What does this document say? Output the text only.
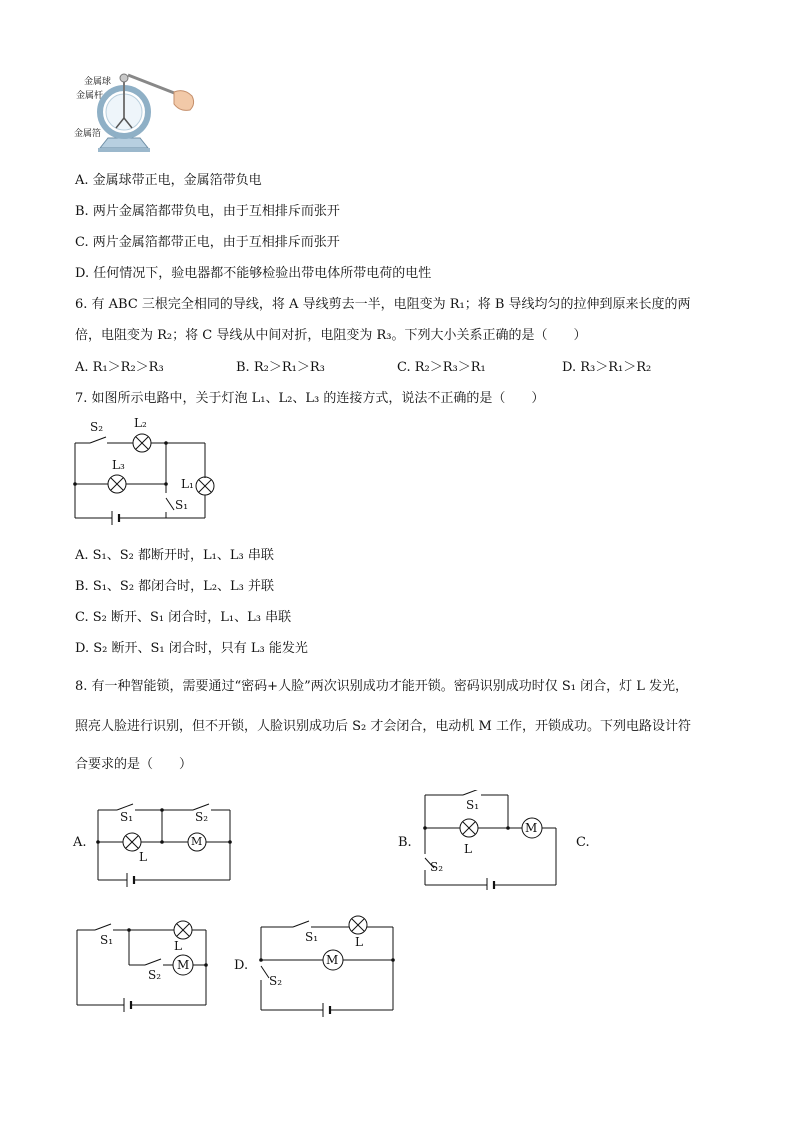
金属球
金属杆
金属箔
A. 金属球带正电，金属箔带负电
B. 两片金属箔都带负电，由于互相排斥而张开
C. 两片金属箔都带正电，由于互相排斥而张开
D. 任何情况下，验电器都不能够检验出带电体所带电荷的电性
6. 有 ABC 三根完全相同的导线，将 A 导线剪去一半，电阻变为 R₁；将 B 导线均匀的拉伸到原来长度的两
倍，电阻变为 R₂；将 C 导线从中间对折，电阻变为 R₃。下列大小关系正确的是（　　）
A. R₁＞R₂＞R₃	B. R₂＞R₁＞R₃	C. R₂＞R₃＞R₁	D. R₃＞R₁＞R₂
7. 如图所示电路中，关于灯泡 L₁、L₂、L₃ 的连接方式，说法不正确的是（　　）
S₂	L₂
L₃
L₁
S₁
A. S₁、S₂ 都断开时，L₁、L₃ 串联
B. S₁、S₂ 都闭合时，L₂、L₃ 并联
C. S₂ 断开、S₁ 闭合时，L₁、L₃ 串联
D. S₂ 断开、S₁ 闭合时，只有 L₃ 能发光
8. 有一种智能锁，需要通过“密码+人脸”两次识别成功才能开锁。密码识别成功时仅 S₁ 闭合，灯 L 发光，
照亮人脸进行识别，但不开锁，人脸识别成功后 S₂ 才会闭合，电动机 M 工作，开锁成功。下列电路设计符
合要求的是（　　）
A.
S₁	S₂
L
M	B.
S₁
L
M
S₂
C.
S₁	L
S₂
M	D.
S₁	L
M
S₂
